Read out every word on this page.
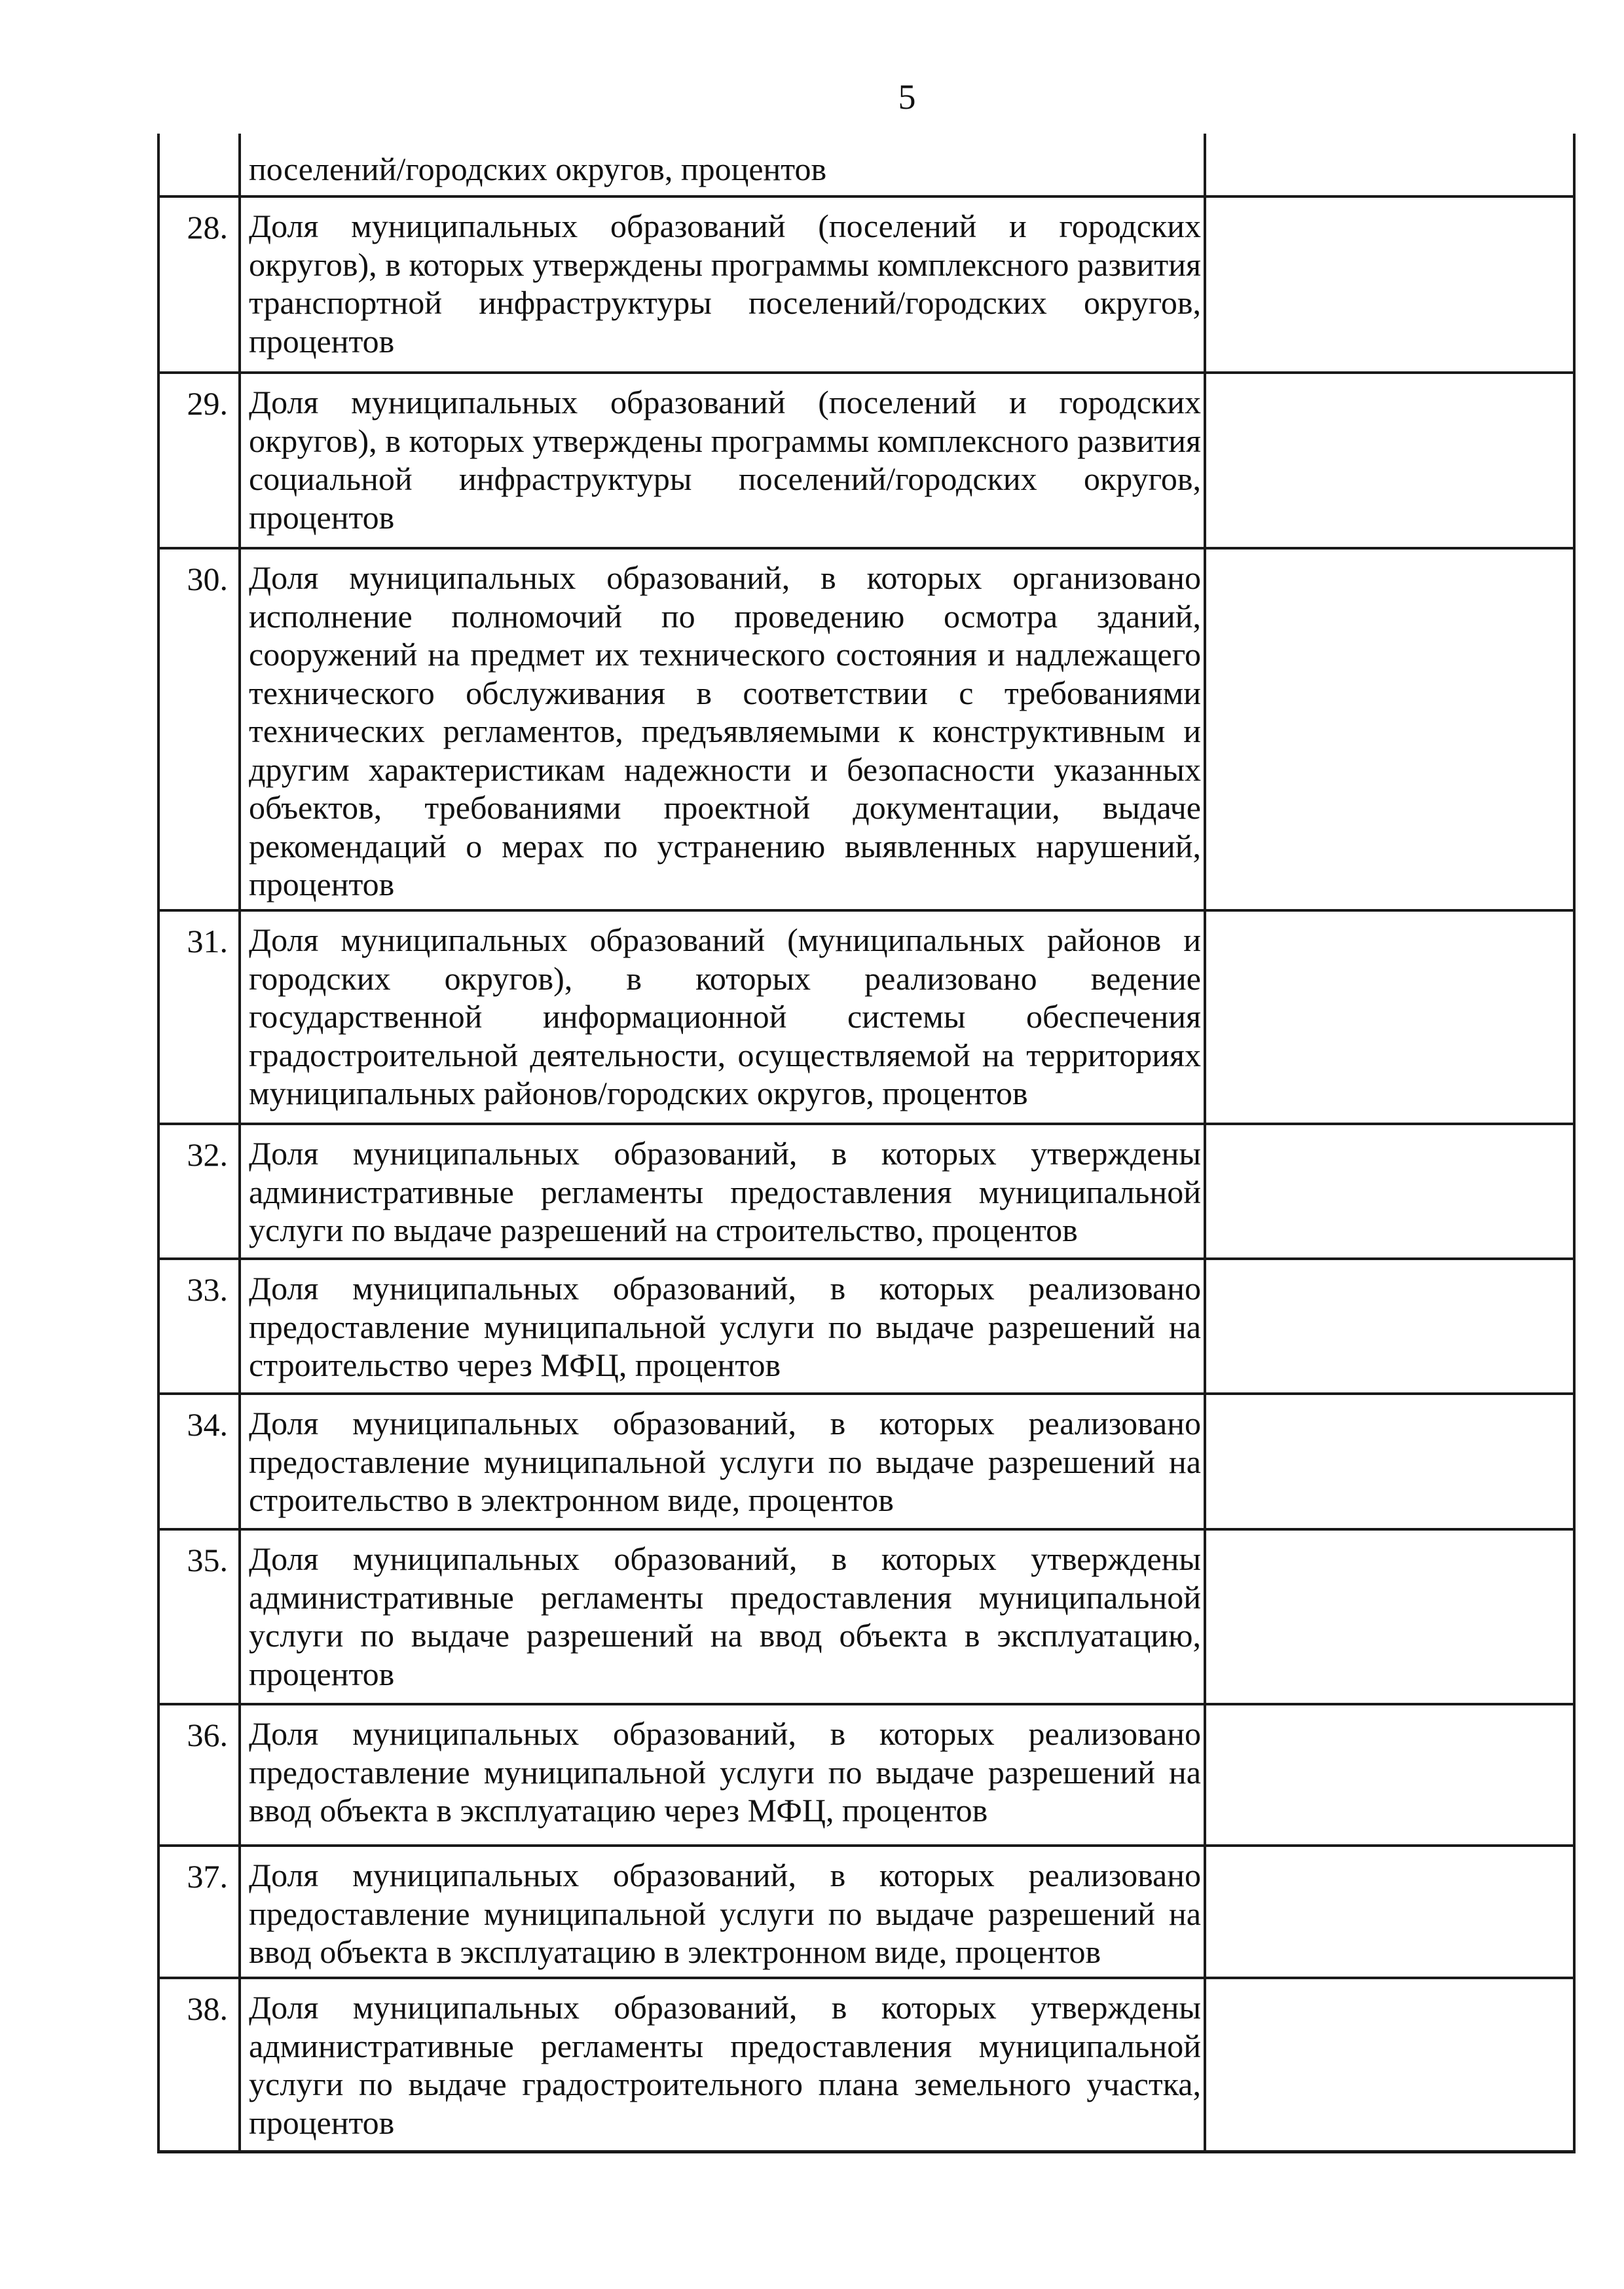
5

	поселений/городских округов, процентов	

28.	Доля муниципальных образований (поселений и городских округов), в которых утверждены программы комплексного развития транспортной инфраструктуры поселений/городских округов, процентов	

29.	Доля муниципальных образований (поселений и городских округов), в которых утверждены программы комплексного развития социальной инфраструктуры поселений/городских округов, процентов	

30.	Доля муниципальных образований, в которых организовано исполнение полномочий по проведению осмотра зданий, сооружений на предмет их технического состояния и надлежащего технического обслуживания в соответствии с требованиями технических регламентов, предъявляемыми к конструктивным и другим характеристикам надежности и безопасности указанных объектов, требованиями проектной документации, выдаче рекомендаций о мерах по устранению выявленных нарушений, процентов	

31.	Доля муниципальных образований (муниципальных районов и городских округов), в которых реализовано ведение государственной информационной системы обеспечения градостроительной деятельности, осуществляемой на территориях муниципальных районов/городских округов, процентов	

32.	Доля муниципальных образований, в которых утверждены административные регламенты предоставления муниципальной услуги по выдаче разрешений на строительство, процентов	

33.	Доля муниципальных образований, в которых реализовано предоставление муниципальной услуги по выдаче разрешений на строительство через МФЦ, процентов	

34.	Доля муниципальных образований, в которых реализовано предоставление муниципальной услуги по выдаче разрешений на строительство в электронном виде, процентов	

35.	Доля муниципальных образований, в которых утверждены административные регламенты предоставления муниципальной услуги по выдаче разрешений на ввод объекта в эксплуатацию, процентов	

36.	Доля муниципальных образований, в которых реализовано предоставление муниципальной услуги по выдаче разрешений на ввод объекта в эксплуатацию через МФЦ, процентов	

37.	Доля муниципальных образований, в которых реализовано предоставление муниципальной услуги по выдаче разрешений на ввод объекта в эксплуатацию в электронном виде, процентов	

38.	Доля муниципальных образований, в которых утверждены административные регламенты предоставления муниципальной услуги по выдаче градостроительного плана земельного участка, процентов	
